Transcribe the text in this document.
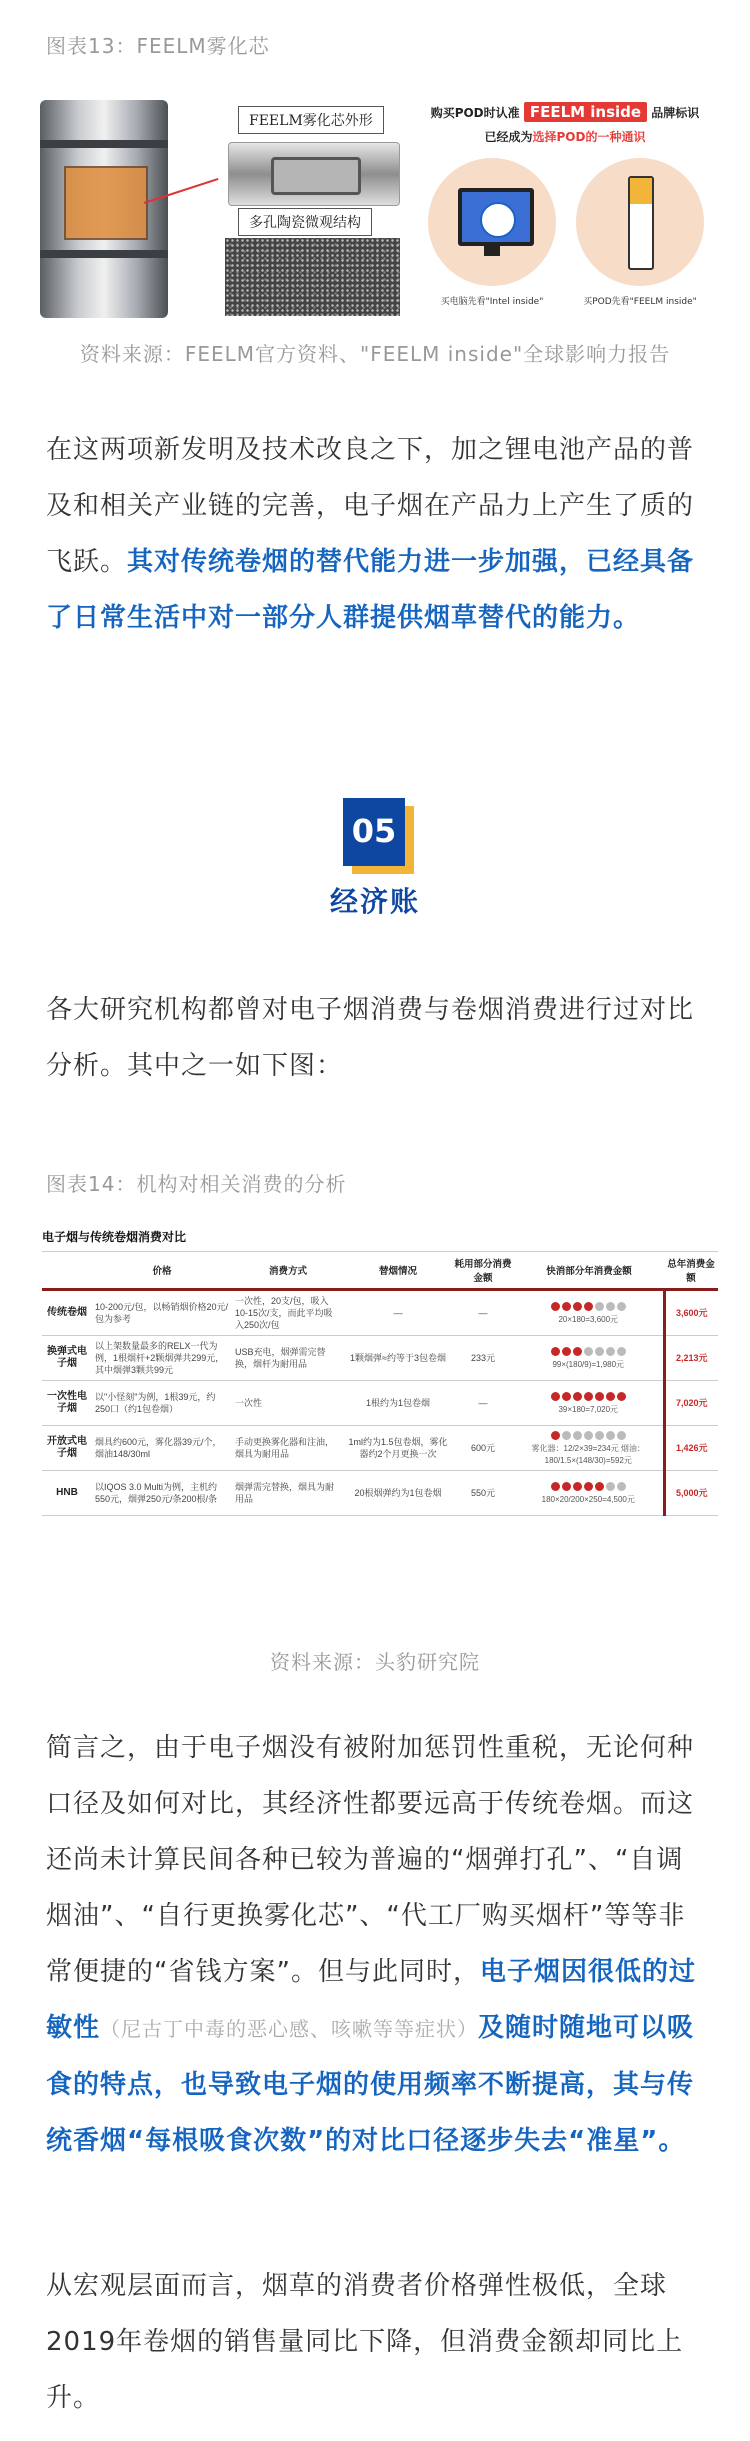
图表13：FEELM雾化芯
FEELM雾化芯外形
多孔陶瓷微观结构
购买POD时认准 FEELM inside 品牌标识
已经成为选择POD的一种通识
买电脑先看"Intel inside"	买POD先看"FEELM inside"
资料来源：FEELM官方资料、"FEELM inside"全球影响力报告
在这两项新发明及技术改良之下，加之锂电池产品的普及和相关产业链的完善，电子烟在产品力上产生了质的飞跃。其对传统卷烟的替代能力进一步加强，已经具备了日常生活中对一部分人群提供烟草替代的能力。
05
经济账
各大研究机构都曾对电子烟消费与卷烟消费进行过对比分析。其中之一如下图：
图表14：机构对相关消费的分析
电子烟与传统卷烟消费对比
	价格	消费方式	替烟情况	耗用部分消费金额	快消部分年消费金额	总年消费金额
传统卷烟	10-200元/包，以畅销烟价格20元/包为参考	一次性，20支/包，吸入10-15次/支，而此平均吸入250次/包	—	—	20×180=3,600元	3,600元
换弹式电子烟	以上架数量最多的RELX一代为例，1根烟杆+2颗烟弹共299元，其中烟弹3颗共99元	USB充电，烟弹需完替换，烟杆为耐用品	1颗烟弹≈约等于3包卷烟	233元	99×(180/9)=1,980元	2,213元
一次性电子烟	以"小怪刻"为例，1根39元，约250口（约1包卷烟）	一次性	1根约为1包卷烟	—	39×180=7,020元	7,020元
开放式电子烟	烟具约600元，雾化器39元/个，烟油148/30ml	手动更换雾化器和注油，烟具为耐用品	1ml约为1.5包卷烟，雾化器约2个月更换一次	600元	雾化器：12/2×39=234元 烟油：180/1.5×(148/30)=592元	1,426元
HNB	以IQOS 3.0 Multi为例，主机约550元，烟弹250元/条200根/条	烟弹需完替换，烟具为耐用品	20根烟弹约为1包卷烟	550元	180×20/200×250=4,500元	5,000元
资料来源：头豹研究院
简言之，由于电子烟没有被附加惩罚性重税，无论何种口径及如何对比，其经济性都要远高于传统卷烟。而这还尚未计算民间各种已较为普遍的“烟弹打孔”、“自调烟油”、“自行更换雾化芯”、“代工厂购买烟杆”等等非常便捷的“省钱方案”。但与此同时，电子烟因很低的过敏性（尼古丁中毒的恶心感、咳嗽等等症状）及随时随地可以吸食的特点，也导致电子烟的使用频率不断提高，其与传统香烟“每根吸食次数”的对比口径逐步失去“准星”。
从宏观层面而言，烟草的消费者价格弹性极低，全球2019年卷烟的销售量同比下降，但消费金额却同比上升。
